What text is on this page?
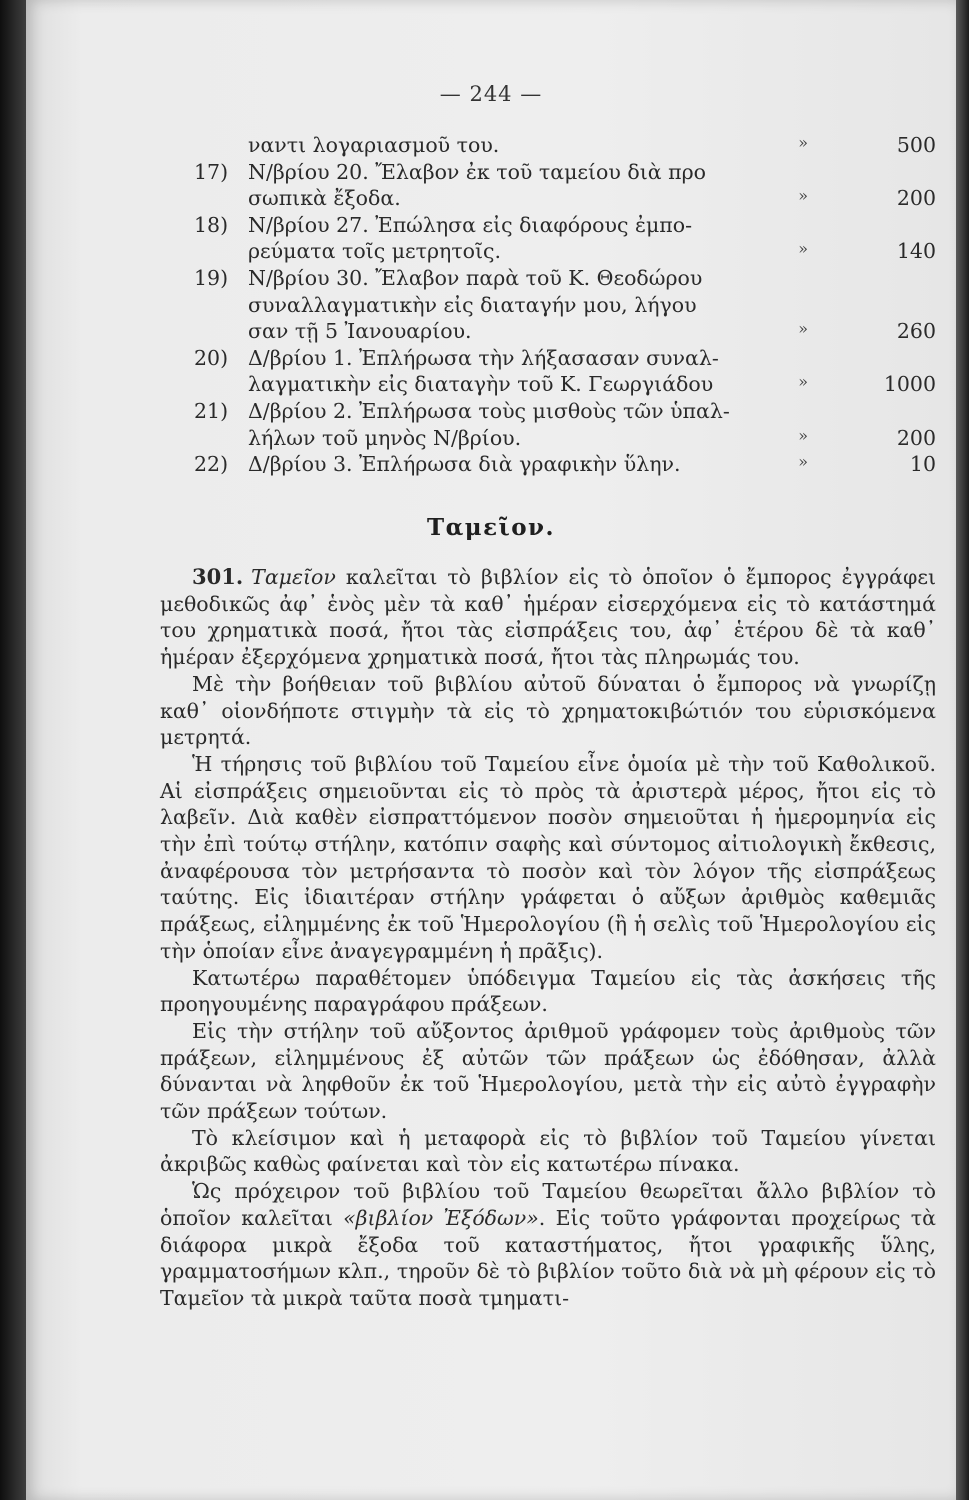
— 244 —
ναντι λογαριασμοῦ του.	»	500
17) Ν/βρίου 20. Ἔλαβον ἐκ τοῦ ταμείου διὰ προ
σωπικὰ ἔξοδα.	»	200
18) Ν/βρίου 27. Ἐπώλησα εἰς διαφόρους ἐμπο-
ρεύματα τοῖς μετρητοῖς.	»	140
19) Ν/βρίου 30. Ἔλαβον παρὰ τοῦ Κ. Θεοδώρου
συναλλαγματικὴν εἰς διαταγήν μου, λήγου
σαν τῇ 5 Ἰανουαρίου.	»	260
20) Δ/βρίου 1. Ἐπλήρωσα τὴν λήξασασαν συναλ-
λαγματικὴν εἰς διαταγὴν τοῦ Κ. Γεωργιάδου	»	1000
21) Δ/βρίου 2. Ἐπλήρωσα τοὺς μισθοὺς τῶν ὑπαλ-
λήλων τοῦ μηνὸς Ν/βρίου.	»	200
22) Δ/βρίου 3. Ἐπλήρωσα διὰ γραφικὴν ὕλην.	»	10
Ταμεῖον.

301. Ταμεῖον καλεῖται τὸ βιβλίον εἰς τὸ ὁποῖον ὁ ἔμπορος ἐγγράφει μεθοδικῶς ἀφ᾽ ἑνὸς μὲν τὰ καθ᾽ ἡμέραν εἰσερχόμενα εἰς τὸ κατάστημά του χρηματικὰ ποσά, ἤτοι τὰς εἰσπράξεις του, ἀφ᾽ ἑτέρου δὲ τὰ καθ᾽ ἡμέραν ἐξερχόμενα χρηματικὰ ποσά, ἤτοι τὰς πληρωμάς του.

Μὲ τὴν βοήθειαν τοῦ βιβλίου αὐτοῦ δύναται ὁ ἔμπορος νὰ γνωρίζῃ καθ᾽ οἱονδήποτε στιγμὴν τὰ εἰς τὸ χρηματοκιβώτιόν του εὑρισκόμενα μετρητά.

Ἡ τήρησις τοῦ βιβλίου τοῦ Ταμείου εἶνε ὁμοία μὲ τὴν τοῦ Καθολικοῦ. Αἱ εἰσπράξεις σημειοῦνται εἰς τὸ πρὸς τὰ ἀριστερὰ μέρος, ἤτοι εἰς τὸ λαβεῖν. Διὰ καθὲν εἰσπραττόμενον ποσὸν σημειοῦται ἡ ἡμερομηνία εἰς τὴν ἐπὶ τούτῳ στήλην, κατόπιν σαφὴς καὶ σύντομος αἰτιολογικὴ ἔκθεσις, ἀναφέρουσα τὸν μετρήσαντα τὸ ποσὸν καὶ τὸν λόγον τῆς εἰσπράξεως ταύτης. Εἰς ἰδιαιτέραν στήλην γράφεται ὁ αὔξων ἀριθμὸς καθεμιᾶς πράξεως, εἰλημμένης ἐκ τοῦ Ἡμερολογίου (ἢ ἡ σελὶς τοῦ Ἡμερολογίου εἰς τὴν ὁποίαν εἶνε ἀναγεγραμμένη ἡ πρᾶξις).

Κατωτέρω παραθέτομεν ὑπόδειγμα Ταμείου εἰς τὰς ἀσκήσεις τῆς προηγουμένης παραγράφου πράξεων.

Εἰς τὴν στήλην τοῦ αὔξοντος ἀριθμοῦ γράφομεν τοὺς ἀριθμοὺς τῶν πράξεων, εἰλημμένους ἐξ αὐτῶν τῶν πράξεων ὡς ἐδόθησαν, ἀλλὰ δύνανται νὰ ληφθοῦν ἐκ τοῦ Ἡμερολογίου, μετὰ τὴν εἰς αὐτὸ ἐγγραφὴν τῶν πράξεων τούτων.

Τὸ κλείσιμον καὶ ἡ μεταφορὰ εἰς τὸ βιβλίον τοῦ Ταμείου γίνεται ἀκριβῶς καθὼς φαίνεται καὶ τὸν εἰς κατωτέρω πίνακα.

Ὡς πρόχειρον τοῦ βιβλίου τοῦ Ταμείου θεωρεῖται ἄλλο βιβλίον τὸ ὁποῖον καλεῖται «βιβλίον Ἐξόδων». Εἰς τοῦτο γράφονται προχείρως τὰ διάφορα μικρὰ ἔξοδα τοῦ καταστήματος, ἤτοι γραφικῆς ὕλης, γραμματοσήμων κλπ., τηροῦν δὲ τὸ βιβλίον τοῦτο διὰ νὰ μὴ φέρουν εἰς τὸ Ταμεῖον τὰ μικρὰ ταῦτα ποσὰ τμηματι-
